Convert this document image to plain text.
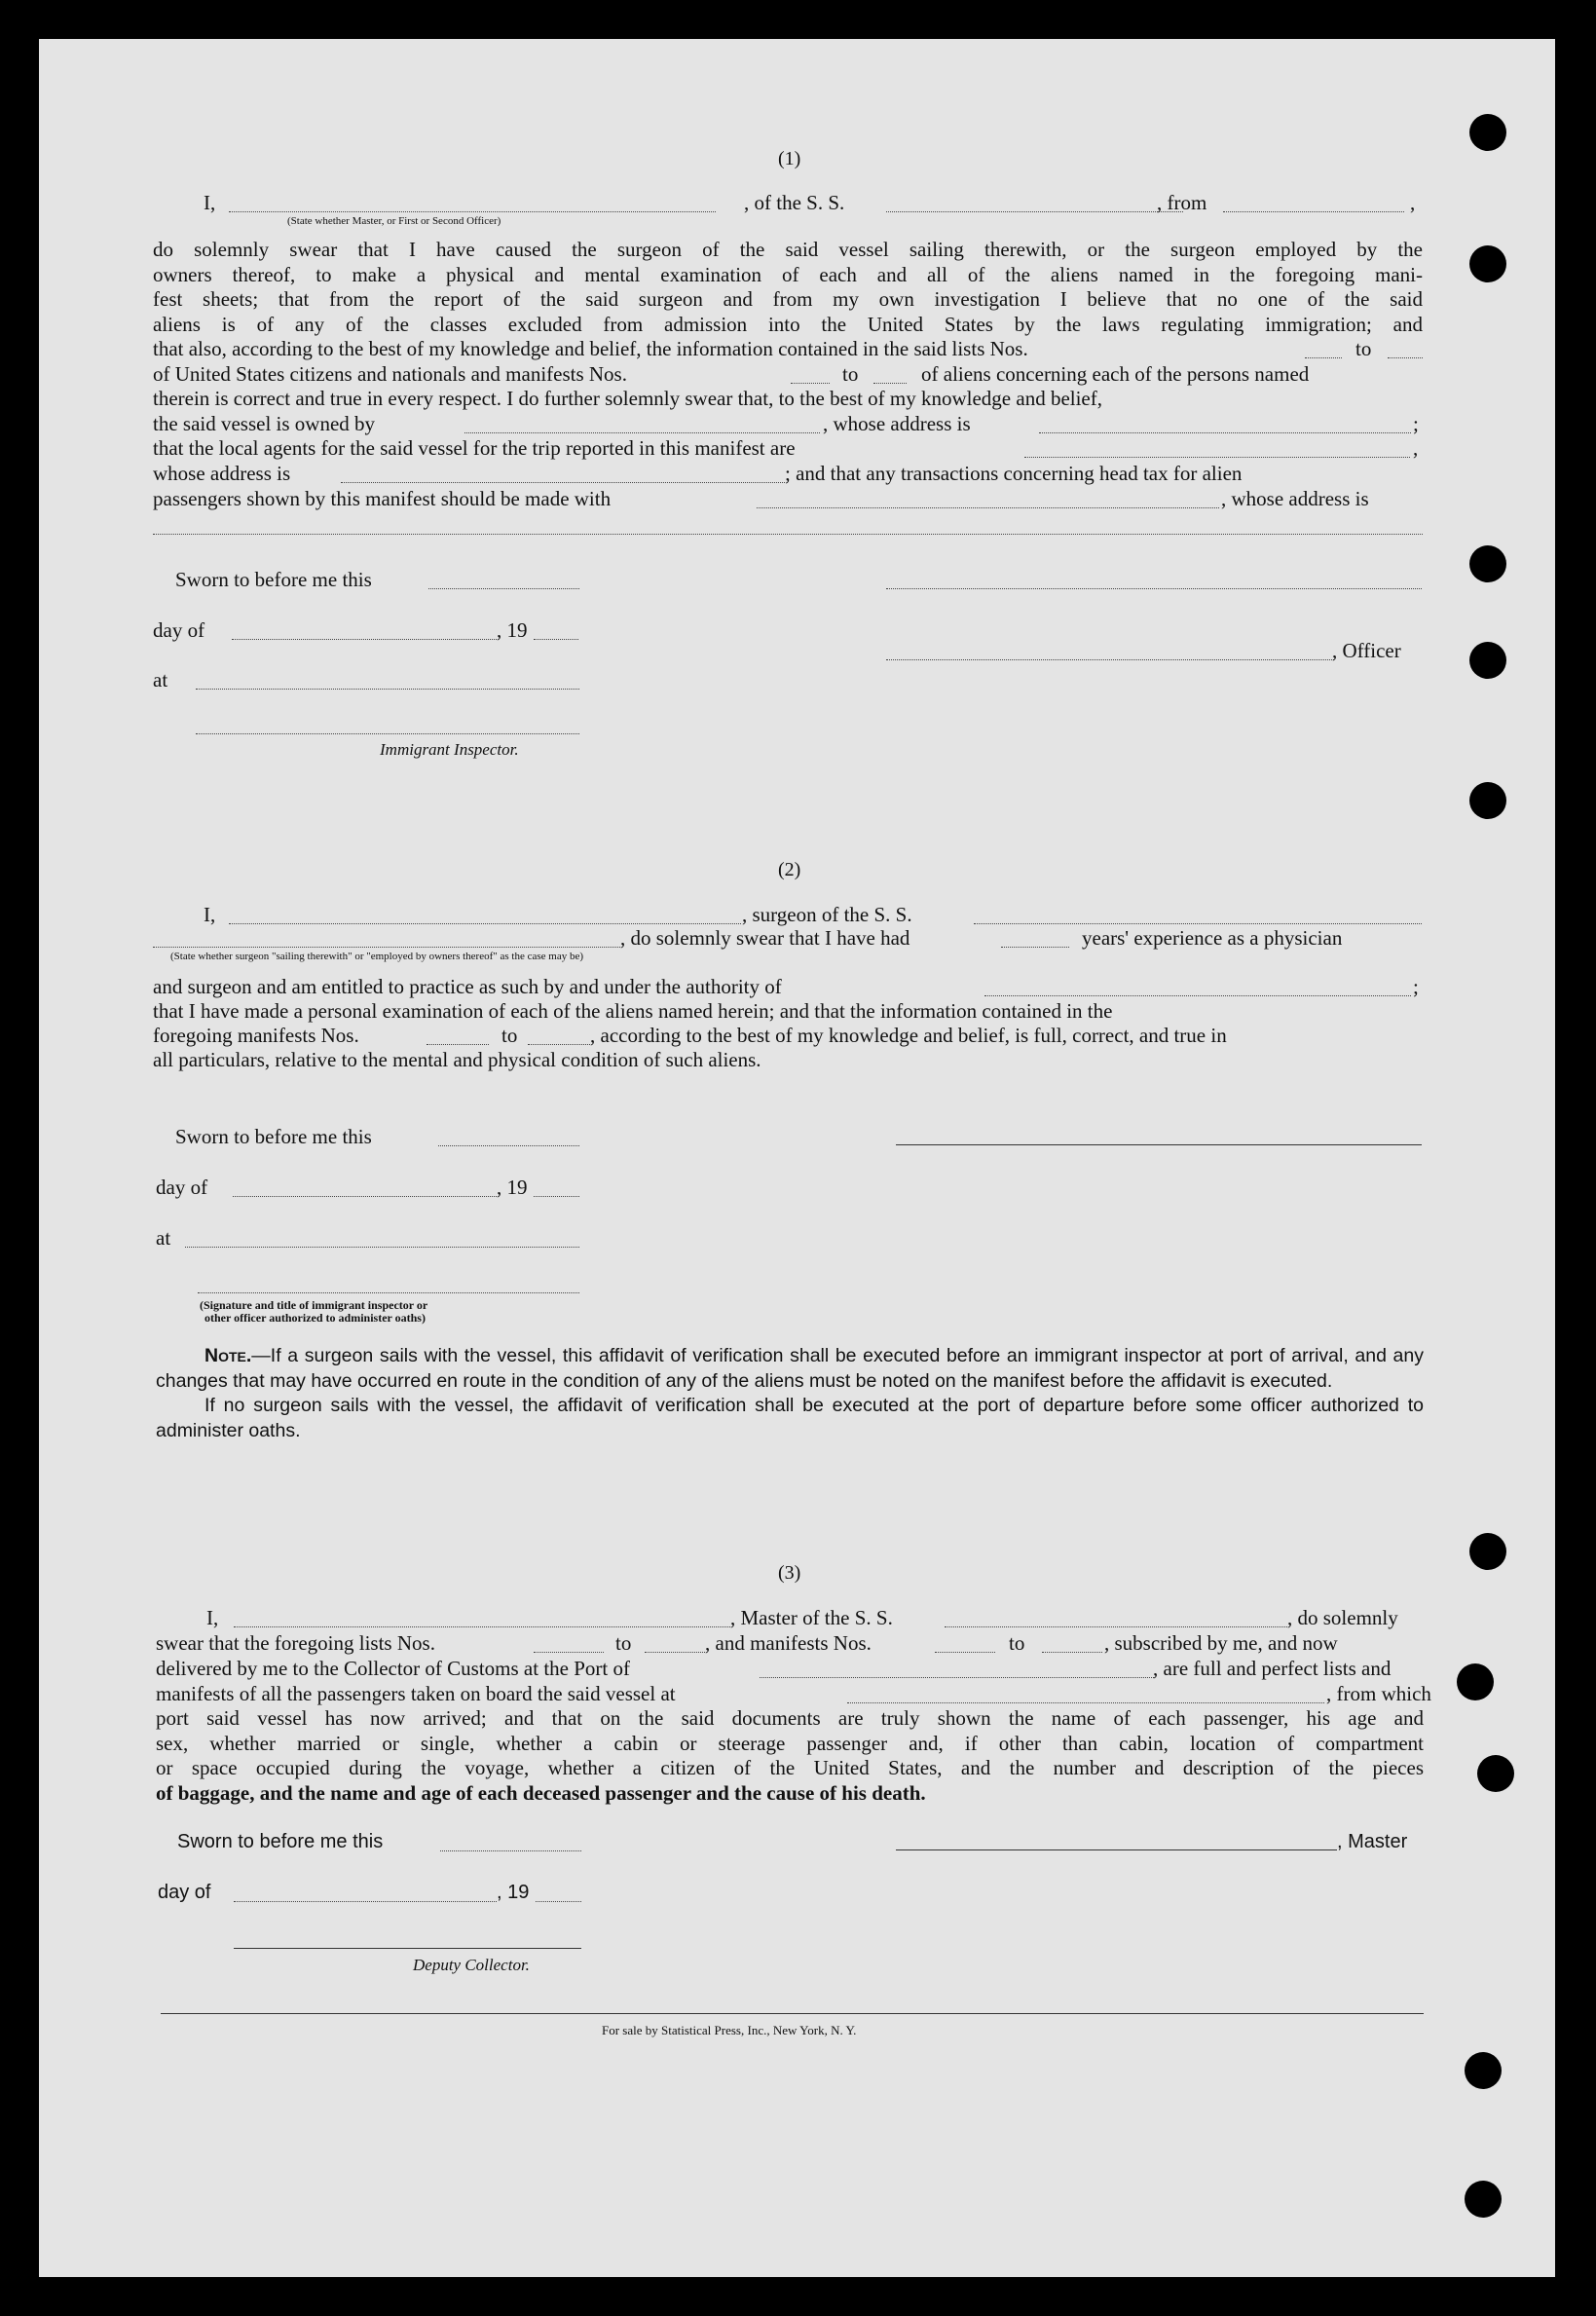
(1)
I,	, of the S. S.	, from	,
(State whether Master, or First or Second Officer)

do solemnly swear that I have caused the surgeon of the said vessel sailing therewith, or the surgeon employed by the

owners thereof, to make a physical and mental examination of each and all of the aliens named in the foregoing mani-

fest sheets; that from the report of the said surgeon and from my own investigation I believe that no one of the said

aliens is of any of the classes excluded from admission into the United States by the laws regulating immigration; and

that also, according to the best of my knowledge and belief, the information contained in the said lists Nos.	to
of United States citizens and nationals and manifests Nos.	to	of aliens concerning each of the persons named
therein is correct and true in every respect. I do further solemnly swear that, to the best of my knowledge and belief,
the said vessel is owned by	, whose address is	;
that the local agents for the said vessel for the trip reported in this manifest are	,
whose address is	; and that any transactions concerning head tax for alien
passengers shown by this manifest should be made with	, whose address is
Sworn to before me this
day of	, 19
, Officer
at
Immigrant Inspector.
(2)
I,	, surgeon of the S. S.
, do solemnly swear that I have had	years' experience as a physician
(State whether surgeon "sailing therewith" or "employed by owners thereof" as the case may be)
and surgeon and am entitled to practice as such by and under the authority of	;
that I have made a personal examination of each of the aliens named herein; and that the information contained in the
foregoing manifests Nos.	to	, according to the best of my knowledge and belief, is full, correct, and true in
all particulars, relative to the mental and physical condition of such aliens.
Sworn to before me this
day of	, 19
at
(Signature and title of immigrant inspector or
other officer authorized to administer oaths)

Note.—If a surgeon sails with the vessel, this affidavit of verification shall be executed before an immigrant inspector at port of arrival, and any changes that may have occurred en route in the condition of any of the aliens must be noted on the manifest before the affidavit is executed.

If no surgeon sails with the vessel, the affidavit of verification shall be executed at the port of departure before some officer authorized to administer oaths.

(3)
I,	, Master of the S. S.	, do solemnly
swear that the foregoing lists Nos.	to	, and manifests Nos.	to	, subscribed by me, and now
delivered by me to the Collector of Customs at the Port of	, are full and perfect lists and
manifests of all the passengers taken on board the said vessel at	, from which

port said vessel has now arrived; and that on the said documents are truly shown the name of each passenger, his age and

sex, whether married or single, whether a cabin or steerage passenger and, if other than cabin, location of compartment

or space occupied during the voyage, whether a citizen of the United States, and the number and description of the pieces

of baggage, and the name and age of each deceased passenger and the cause of his death.

Sworn to before me this	, Master
day of	, 19
Deputy Collector.
For sale by Statistical Press, Inc., New York, N. Y.
